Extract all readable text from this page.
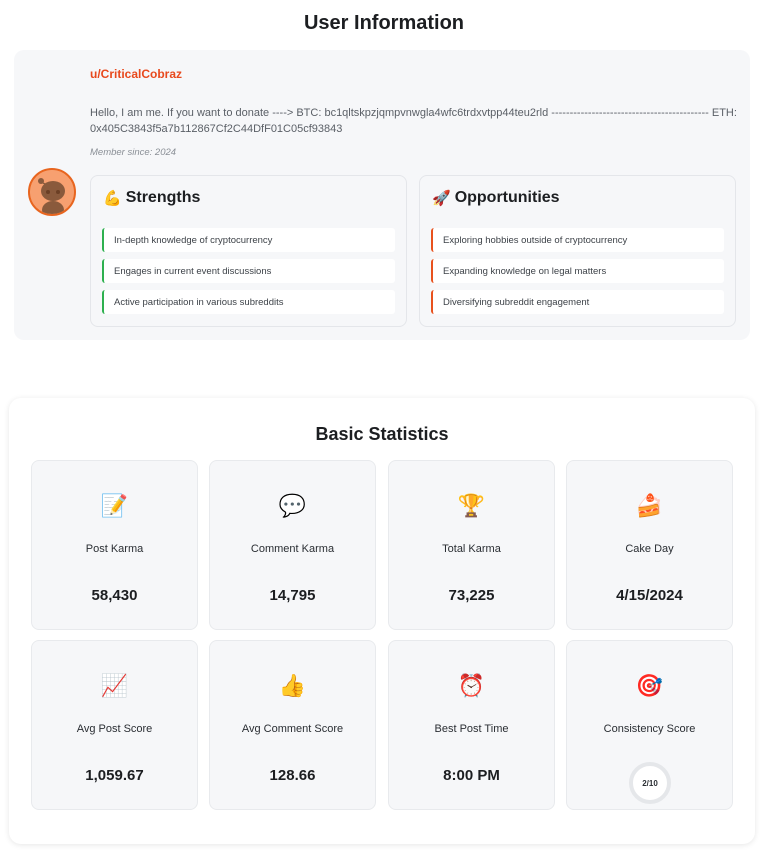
User Information
u/CriticalCobraz
Hello, I am me. If you want to donate ----> BTC: bc1qltskpzjqmpvnwgla4wfc6trdxvtpp44teu2rld ------------------------------------------- ETH: 0x405C3843f5a7b112867Cf2C44DfF01C05cf93843
Member since: 2024
💪 Strengths
In-depth knowledge of cryptocurrency
Engages in current event discussions
Active participation in various subreddits
🚀 Opportunities
Exploring hobbies outside of cryptocurrency
Expanding knowledge on legal matters
Diversifying subreddit engagement
Basic Statistics
📝
Post Karma
58,430
💬
Comment Karma
14,795
🏆
Total Karma
73,225
🍰
Cake Day
4/15/2024
📈
Avg Post Score
1,059.67
👍
Avg Comment Score
128.66
⏰
Best Post Time
8:00 PM
🎯
Consistency Score
2/10
